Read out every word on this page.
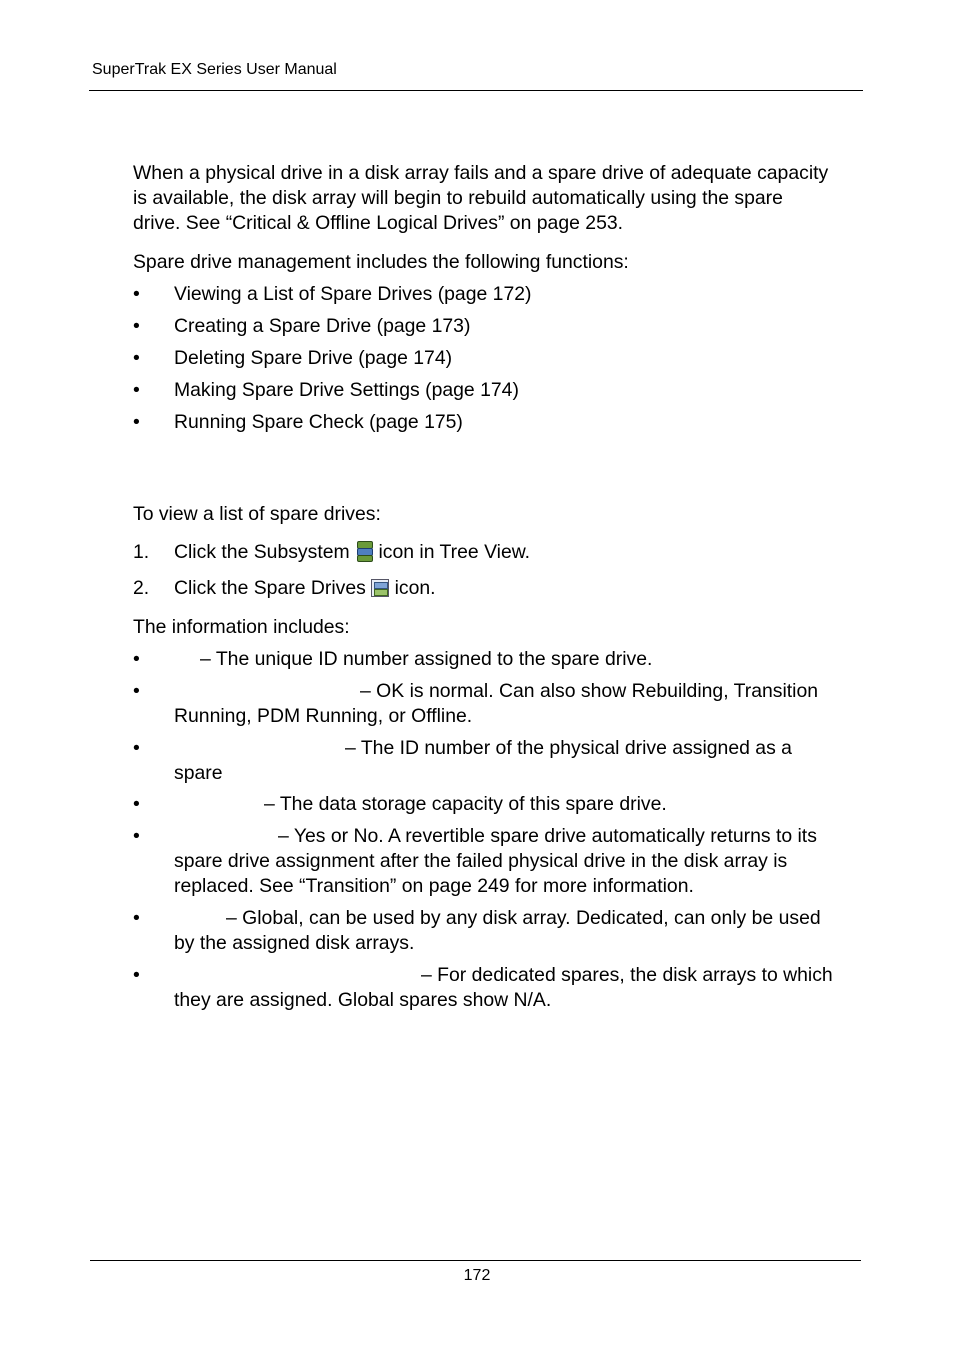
SuperTrak EX Series User Manual
When a physical drive in a disk array fails and a spare drive of adequate capacity
is available, the disk array will begin to rebuild automatically using the spare
drive. See “Critical & Offline Logical Drives” on page 253.
Spare drive management includes the following functions:
• Viewing a List of Spare Drives (page 172)
• Creating a Spare Drive (page 173)
• Deleting Spare Drive (page 174)
• Making Spare Drive Settings (page 174)
• Running Spare Check (page 175)
To view a list of spare drives:
1. Click the Subsystem icon in Tree View.
2. Click the Spare Drives icon.
The information includes:
•	– The unique ID number assigned to the spare drive.
•	– OK is normal. Can also show Rebuilding, Transition
Running, PDM Running, or Offline.
•	– The ID number of the physical drive assigned as a
spare
•	– The data storage capacity of this spare drive.
•	– Yes or No. A revertible spare drive automatically returns to its
spare drive assignment after the failed physical drive in the disk array is
replaced. See “Transition” on page 249 for more information.
•	– Global, can be used by any disk array. Dedicated, can only be used
by the assigned disk arrays.
•	– For dedicated spares, the disk arrays to which
they are assigned. Global spares show N/A.
172
